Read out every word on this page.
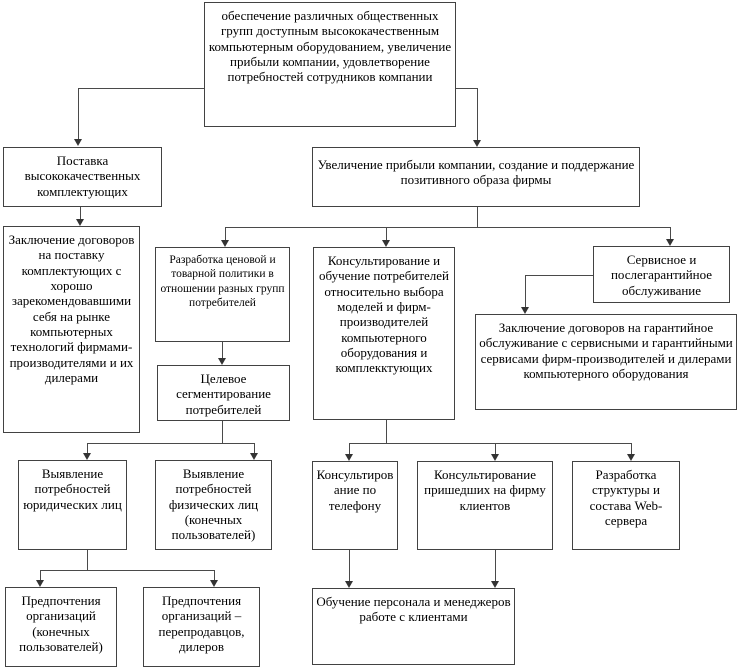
обеспечение различных общественных групп доступным высококачественным компьютерным оборудованием, увеличение прибыли компании, удовлетворение потребностей сотрудников компании
Поставка высококачественных комплектующих
Увеличение прибыли компании, создание и поддержание позитивного образа фирмы
Заключение договоров на поставку комплектующих с хорошо зарекомендовавшими себя на рынке компьютерных технологий фирмами-производителями и их дилерами
Разработка ценовой и товарной политики в отношении разных групп потребителей
Консультирование и обучение потребителей относительно выбора моделей и фирм-производителей компьютерного оборудования и комплекктующих
Сервисное и послегарантийное обслуживание
Заключение договоров на гарантийное обслуживание с сервисными и гарантийными сервисами фирм-производителей и дилерами компьютерного оборудования
Целевое сегментирование потребителей
Выявление потребностей юридических лиц
Выявление потребностей физических лиц (конечных пользователей)
Консультирование по телефону
Консультирование пришедших на фирму клиентов
Разработка структуры и состава Web-сервера
Предпочтения организаций (конечных пользователей)
Предпочтения организаций – перепродавцов, дилеров
Обучение персонала и менеджеров работе с клиентами
